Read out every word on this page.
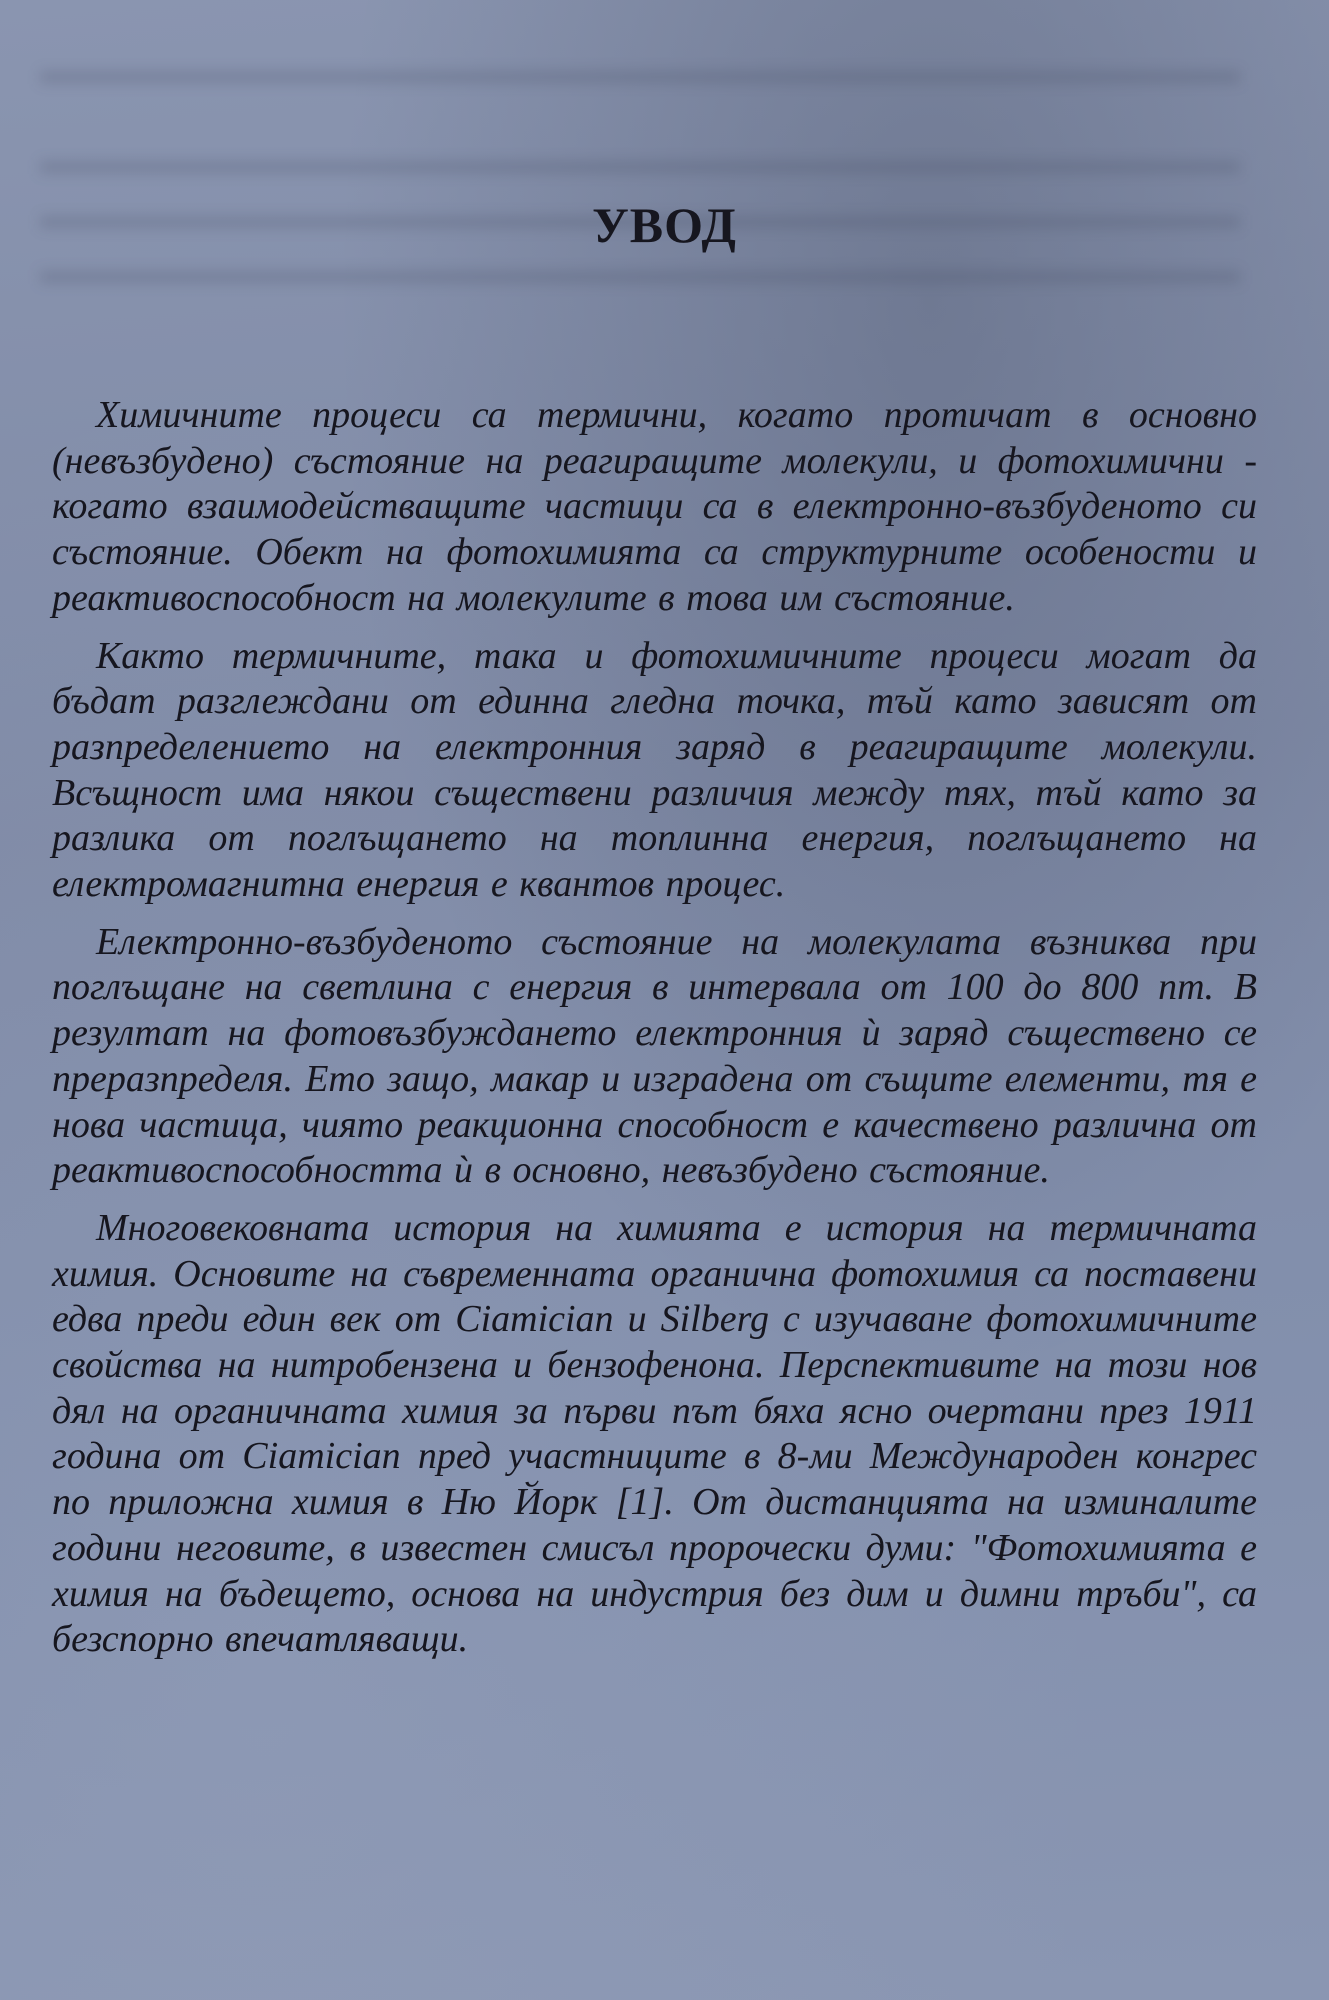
УВОД

Химичните процеси са термични, когато протичат в основно (невъзбудено) състояние на реагиращите молекули, и фотохимични - когато взаимодействащите частици са в електронно-възбуденото си състояние. Обект на фотохимията са структурните особености и реактивоспособност на молекулите в това им състояние.

Както термичните, така и фотохимичните процеси могат да бъдат разглеждани от единна гледна точка, тъй като зависят от разпределението на електронния заряд в реагиращите молекули. Всъщност има някои съществени различия между тях, тъй като за разлика от поглъщането на топлинна енергия, поглъщането на електромагнитна енергия е квантов процес.

Електронно-възбуденото състояние на молекулата възниква при поглъщане на светлина с енергия в интервала от 100 до 800 nm. В резултат на фотовъзбуждането електронния ѝ заряд съществено се преразпределя. Ето защо, макар и изградена от същите елементи, тя е нова частица, чиято реакционна способност е качествено различна от реактивоспособността ѝ в основно, невъзбудено състояние.

Многовековната история на химията е история на термичната химия. Основите на съвременната органична фотохимия са поставени едва преди един век от Ciamician и Silberg с изучаване фотохимичните свойства на нитробензена и бензофенона. Перспективите на този нов дял на органичната химия за първи път бяха ясно очертани през 1911 година от Ciamician пред участниците в 8-ми Международен конгрес по приложна химия в Ню Йорк [1]. От дистанцията на изминалите години неговите, в известен смисъл пророчески думи: "Фотохимията е химия на бъдещето, основа на индустрия без дим и димни тръби", са безспорно впечатляващи.
